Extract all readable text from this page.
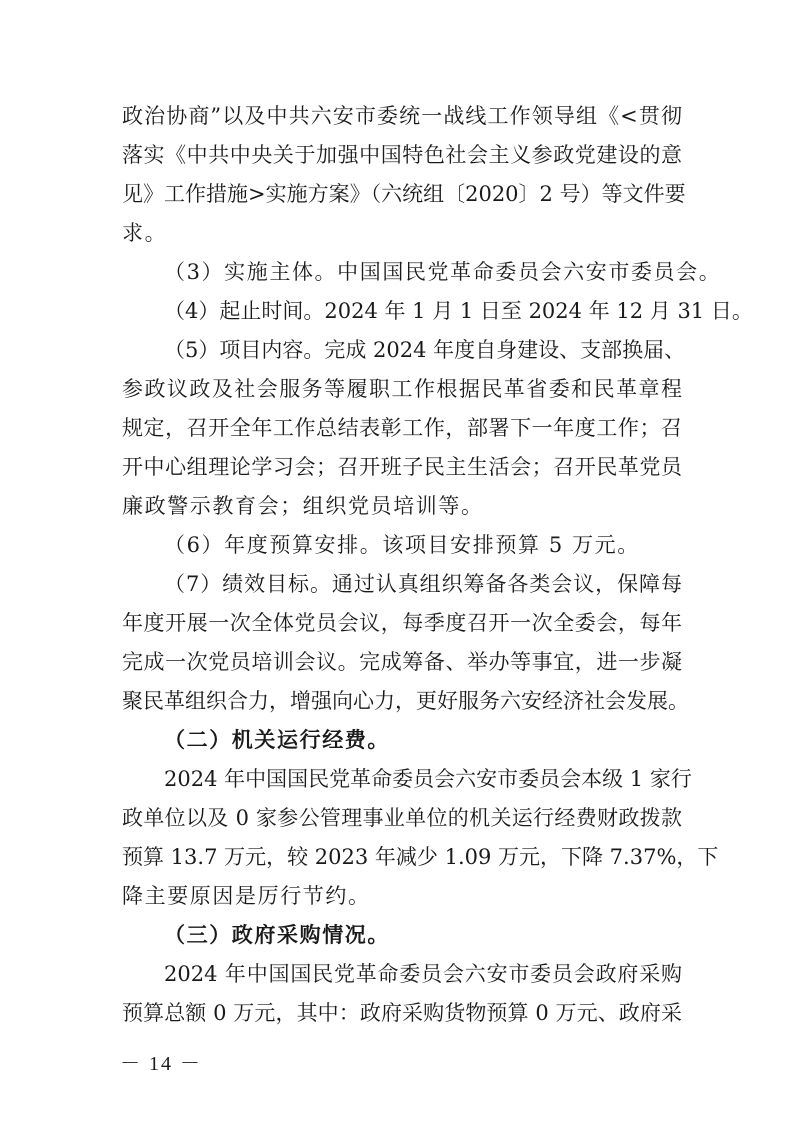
政治协商”以及中共六安市委统一战线工作领导组《<贯彻
落实《中共中央关于加强中国特色社会主义参政党建设的意
见》工作措施>实施方案》（六统组〔2020〕2 号）等文件要
求。
（3）实施主体。中国国民党革命委员会六安市委员会。
（4）起止时间。2024 年 1 月 1 日至 2024 年 12 月 31 日。
（5）项目内容。完成 2024 年度自身建设、支部换届、
参政议政及社会服务等履职工作根据民革省委和民革章程
规定，召开全年工作总结表彰工作，部署下一年度工作；召
开中心组理论学习会；召开班子民主生活会；召开民革党员
廉政警示教育会；组织党员培训等。
（6）年度预算安排。该项目安排预算 5 万元。
（7）绩效目标。通过认真组织筹备各类会议，保障每
年度开展一次全体党员会议，每季度召开一次全委会，每年
完成一次党员培训会议。完成筹备、举办等事宜，进一步凝
聚民革组织合力，增强向心力，更好服务六安经济社会发展。
（二）机关运行经费。
2024 年中国国民党革命委员会六安市委员会本级 1 家行
政单位以及 0 家参公管理事业单位的机关运行经费财政拨款
预算 13.7 万元，较 2023 年减少 1.09 万元，下降 7.37%，下
降主要原因是厉行节约。
（三）政府采购情况。
2024 年中国国民党革命委员会六安市委员会政府采购
预算总额 0 万元，其中：政府采购货物预算 0 万元、政府采
－ 14 －
